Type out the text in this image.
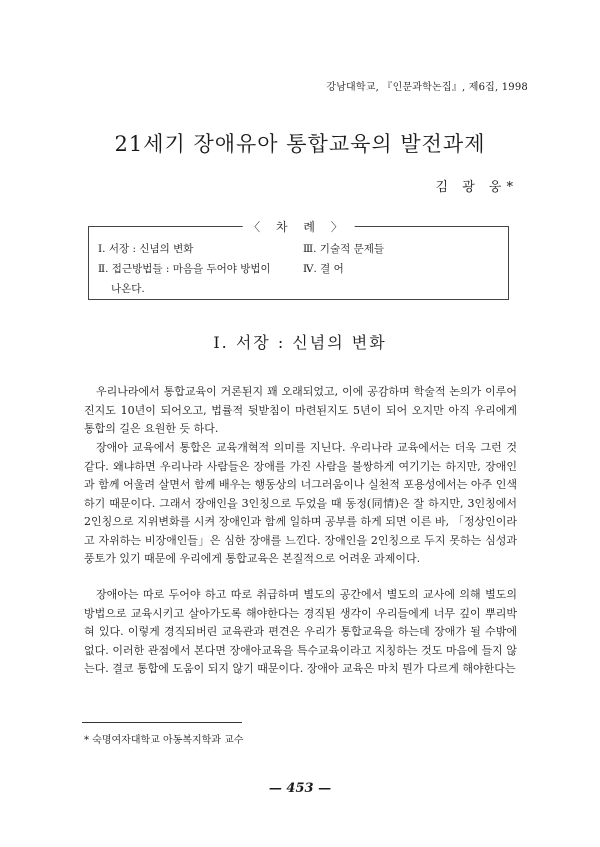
강남대학교, 『인문과학논집』, 제6집, 1998
21세기 장애유아 통합교육의 발전과제
김 광 웅*
〈 차 례 〉
Ⅰ. 서장 : 신념의 변화
Ⅱ. 접근방법들 : 마음을 두어야 방법이
나온다.
Ⅲ. 기술적 문제들
Ⅳ. 결 어
Ⅰ. 서장 : 신념의 변화

우리나라에서 통합교육이 거론된지 꽤 오래되었고, 이에 공감하며 학술적 논의가 이루어진지도 10년이 되어오고, 법률적 뒷받침이 마련된지도 5년이 되어 오지만 아직 우리에게 통합의 길은 요원한 듯 하다.

장애아 교육에서 통합은 교육개혁적 의미를 지닌다. 우리나라 교육에서는 더욱 그런 것 같다. 왜냐하면 우리나라 사람들은 장애를 가진 사람을 불쌍하게 여기기는 하지만, 장애인과 함께 어울려 살면서 함께 배우는 행동상의 너그러움이나 실천적 포용성에서는 아주 인색하기 때문이다. 그래서 장애인을 3인칭으로 두었을 때 동정(同情)은 잘 하지만, 3인칭에서 2인칭으로 지위변화를 시켜 장애인과 함께 일하며 공부를 하게 되면 이른 바, 「정상인이라고 자위하는 비장애인들」은 심한 장애를 느낀다. 장애인을 2인칭으로 두지 못하는 심성과 풍토가 있기 때문에 우리에게 통합교육은 본질적으로 어려운 과제이다.

장애아는 따로 두어야 하고 따로 취급하며 별도의 공간에서 별도의 교사에 의해 별도의 방법으로 교육시키고 살아가도록 해야한다는 경직된 생각이 우리들에게 너무 깊이 뿌리박혀 있다. 이렇게 경직되버린 교육관과 편견은 우리가 통합교육을 하는데 장애가 될 수밖에 없다. 이러한 관점에서 본다면 장애아교육을 특수교육이라고 지칭하는 것도 마음에 들지 않는다. 결코 통합에 도움이 되지 않기 때문이다. 장애아 교육은 마치 뭔가 다르게 해야한다는

* 숙명여자대학교 아동복지학과 교수
— 453 —
